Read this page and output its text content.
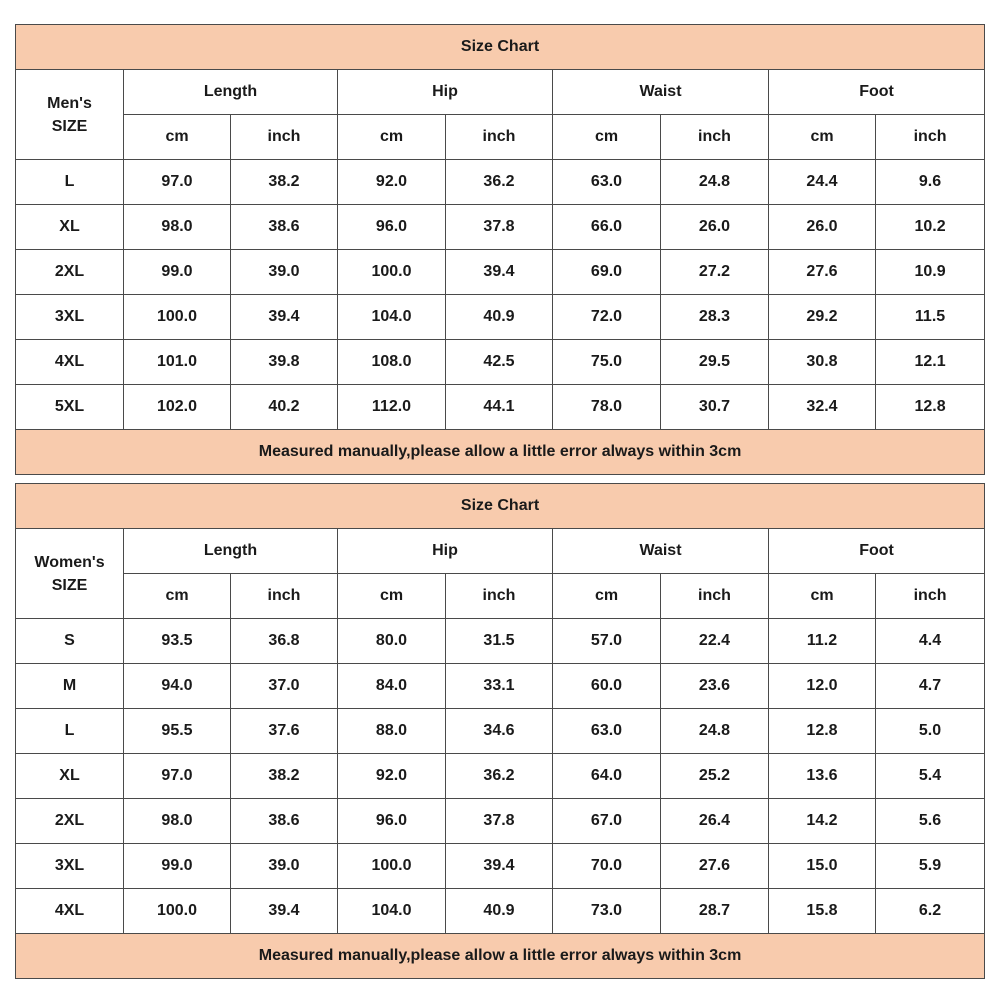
Size Chart								
Men's
SIZE	Length		Hip		Waist		Foot	
	cm	inch	cm	inch	cm	inch	cm	inch
L	97.0	38.2	92.0	36.2	63.0	24.8	24.4	9.6
XL	98.0	38.6	96.0	37.8	66.0	26.0	26.0	10.2
2XL	99.0	39.0	100.0	39.4	69.0	27.2	27.6	10.9
3XL	100.0	39.4	104.0	40.9	72.0	28.3	29.2	11.5
4XL	101.0	39.8	108.0	42.5	75.0	29.5	30.8	12.1
5XL	102.0	40.2	112.0	44.1	78.0	30.7	32.4	12.8
Measured manually,please allow a little error always within 3cm								
Size Chart								
Women's
SIZE	Length		Hip		Waist		Foot	
	cm	inch	cm	inch	cm	inch	cm	inch
S	93.5	36.8	80.0	31.5	57.0	22.4	11.2	4.4
M	94.0	37.0	84.0	33.1	60.0	23.6	12.0	4.7
L	95.5	37.6	88.0	34.6	63.0	24.8	12.8	5.0
XL	97.0	38.2	92.0	36.2	64.0	25.2	13.6	5.4
2XL	98.0	38.6	96.0	37.8	67.0	26.4	14.2	5.6
3XL	99.0	39.0	100.0	39.4	70.0	27.6	15.0	5.9
4XL	100.0	39.4	104.0	40.9	73.0	28.7	15.8	6.2
Measured manually,please allow a little error always within 3cm								
